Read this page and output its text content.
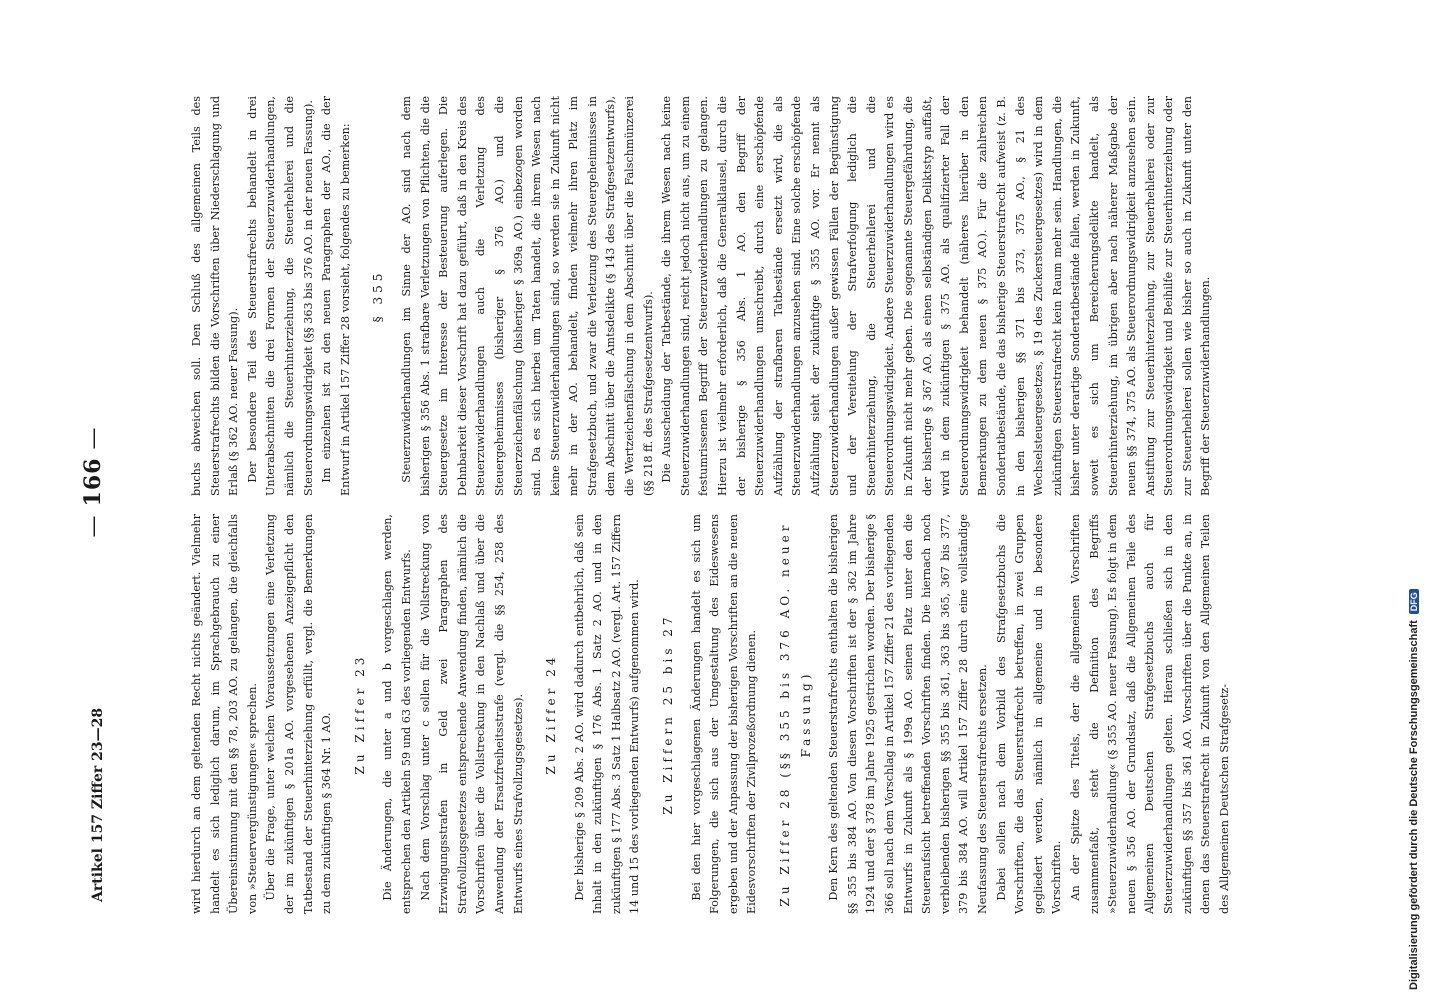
Artikel 157 Ziffer 23—28
— 166 —

wird hierdurch an dem geltenden Recht nichts geändert. Vielmehr handelt es sich lediglich darum, im Sprachgebrauch zu einer Übereinstimmung mit den §§ 78, 203 AO. zu gelangen, die gleichfalls von »Steuervergünstigungen« sprechen. Über die Frage, unter welchen Voraussetzungen eine Verletzung der im zukünftigen § 201a AO. vorgesehenen Anzeigepflicht den Tatbestand der Steuerhinterziehung erfüllt, vergl. die Bemerkungen zu dem zukünftigen § 364 Nr. 1 AO. Zu Ziffer 23 Die Änderungen, die unter a und b vorgeschlagen werden, entsprechen den Artikeln 59 und 63 des vorliegenden Entwurfs. Nach dem Vorschlag unter c sollen für die Vollstreckung von Erzwingungsstrafen in Geld zwei Paragraphen des Strafvollzugsgesetzes entsprechende Anwendung finden, nämlich die Vorschriften über die Vollstreckung in den Nachlaß und über die Anwendung der Ersatzfreiheitsstrafe (vergl. die §§ 254, 258 des Entwurfs eines Strafvollzugsgesetzes). Zu Ziffer 24 Der bisherige § 209 Abs. 2 AO. wird dadurch entbehrlich, daß sein Inhalt in den zukünftigen § 176 Abs. 1 Satz 2 AO. und in den zukünftigen § 177 Abs. 3 Satz 1 Halbsatz 2 AO. (vergl. Art. 157 Ziffern 14 und 15 des vorliegenden Entwurfs) aufgenommen wird. Zu Ziffern 25 bis 27 Bei den hier vorgeschlagenen Änderungen handelt es sich um Folgerungen, die sich aus der Umgestaltung des Eideswesens ergeben und der Anpassung der bisherigen Vorschriften an die neuen Eidesvorschriften der Zivilprozeßordnung dienen. Zu Ziffer 28 (§§ 355 bis 376 AO. neuer Fassung) Den Kern des geltenden Steuerstrafrechts enthalten die bisherigen §§ 355 bis 384 AO. Von diesen Vorschriften ist der § 362 im Jahre 1924 und der § 378 im Jahre 1925 gestrichen worden. Der bisherige § 366 soll nach dem Vorschlag in Artikel 157 Ziffer 21 des vorliegenden Entwurfs in Zukunft als § 199a AO. seinen Platz unter den die Steueraufsicht betreffenden Vorschriften finden. Die hiernach noch verbleibenden bisherigen §§ 355 bis 361, 363 bis 365, 367 bis 377, 379 bis 384 AO. will Artikel 157 Ziffer 28 durch eine vollständige Neufassung des Steuerstrafrechts ersetzen. Dabei sollen nach dem Vorbild des Strafgesetzbuchs die Vorschriften, die das Steuerstrafrecht betreffen, in zwei Gruppen gegliedert werden, nämlich in allgemeine und in besondere Vorschriften. An der Spitze des Titels, der die allgemeinen Vorschriften zusammenfaßt, steht die Definition des Begriffs »Steuerzuwiderhandlung« (§ 355 AO. neuer Fassung). Es folgt in dem neuen § 356 AO. der Grundsatz, daß die Allgemeinen Teile des Allgemeinen Deutschen Strafgesetzbuchs auch für Steuerzuwiderhandlungen gelten. Hieran schließen sich in den zukünftigen §§ 357 bis 361 AO. Vorschriften über die Punkte an, in denen das Steuerstrafrecht in Zukunft von den Allgemeinen Teilen des Allgemeinen Deutschen Strafgesetz-

buchs abweichen soll. Den Schluß des allgemeinen Teils des Steuerstrafrechts bilden die Vorschriften über Niederschlagung und Erlaß (§ 362 AO. neuer Fassung). Der besondere Teil des Steuerstrafrechts behandelt in drei Unterabschnitten die drei Formen der Steuerzuwiderhandlungen, nämlich die Steuerhinterziehung, die Steuerhehlerei und die Steuerordnungswidrigkeit (§§ 363 bis 376 AO. in der neuen Fassung). Im einzelnen ist zu den neuen Paragraphen der AO., die der Entwurf in Artikel 157 Ziffer 28 vorsieht, folgendes zu bemerken: § 355 Steuerzuwiderhandlungen im Sinne der AO. sind nach dem bisherigen § 356 Abs. 1 strafbare Verletzungen von Pflichten, die die Steuergesetze im Interesse der Besteuerung auferlegen. Die Dehnbarkeit dieser Vorschrift hat dazu geführt, daß in den Kreis des Steuerzuwiderhandlungen auch die Verletzung des Steuergeheimnisses (bisheriger § 376 AO.) und die Steuerzeichenfälschung (bisheriger § 369a AO.) einbezogen worden sind. Da es sich hierbei um Taten handelt, die ihrem Wesen nach keine Steuerzuwiderhandlungen sind, so werden sie in Zukunft nicht mehr in der AO. behandelt, finden vielmehr ihren Platz im Strafgesetzbuch, und zwar die Verletzung des Steuergeheimnisses in dem Abschnitt über die Amtsdelikte (§ 143 des Strafgesetzentwurfs), die Wertzeichenfälschung in dem Abschnitt über die Falschmünzerei (§§ 218 ff. des Strafgesetzentwurfs). Die Ausscheidung der Tatbestände, die ihrem Wesen nach keine Steuerzuwiderhandlungen sind, reicht jedoch nicht aus, um zu einem festumrissenen Begriff der Steuerzuwiderhandlungen zu gelangen. Hierzu ist vielmehr erforderlich, daß die Generalklausel, durch die der bisherige § 356 Abs. 1 AO. den Begriff der Steuerzuwiderhandlungen umschreibt, durch eine erschöpfende Aufzählung der strafbaren Tatbestände ersetzt wird, die als Steuerzuwiderhandlungen anzusehen sind. Eine solche erschöpfende Aufzählung sieht der zukünftige § 355 AO. vor. Er nennt als Steuerzuwiderhandlungen außer gewissen Fällen der Begünstigung und der Vereitelung der Strafverfolgung lediglich die Steuerhinterziehung, die Steuerhehlerei und die Steuerordnungswidrigkeit. Andere Steuerzuwiderhandlungen wird es in Zukunft nicht mehr geben. Die sogenannte Steuergefährdung, die der bisherige § 367 AO. als einen selbständigen Deliktstyp auffaßt, wird in dem zukünftigen § 375 AO. als qualifizierter Fall der Steuerordnungswidrigkeit behandelt (näheres hierüber in den Bemerkungen zu dem neuen § 375 AO.). Für die zahlreichen Sondertatbestände, die das bisherige Steuerstrafrecht aufweist (z. B. in den bisherigen §§ 371 bis 373, 375 AO., § 21 des Wechselsteuergesetzes, § 19 des Zuckersteuergesetzes) wird in dem zukünftigen Steuerstrafrecht kein Raum mehr sein. Handlungen, die bisher unter derartige Sondertatbestände fallen, werden in Zukunft, soweit es sich um Bereicherungsdelikte handelt, als Steuerhinterziehung, im übrigen aber nach näherer Maßgabe der neuen §§ 374, 375 AO. als Steuerordnungswidrigkeit anzusehen sein. Anstiftung zur Steuerhinterziehung, zur Steuerhehlerei oder zur Steuerordnungswidrigkeit und Beihilfe zur Steuerhinterziehung oder zur Steuerhehlerei sollen wie bisher so auch in Zukunft unter den Begriff der Steuerzuwiderhandlungen.

Digitalisierung gefördert durch die Deutsche ForschungsgemeinschaftDFG
